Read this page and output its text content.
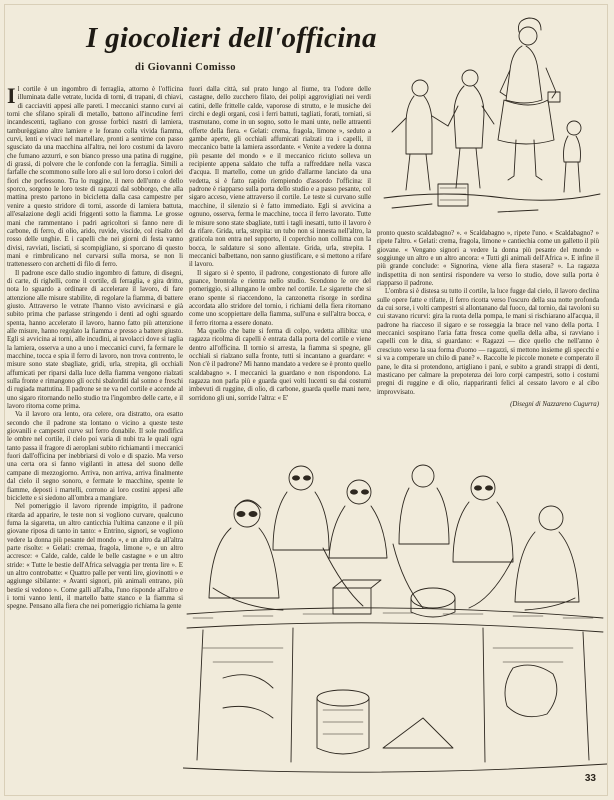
I giocolieri dell'officina
di Giovanni Comisso

Il cortile è un ingombro di ferraglia, attorno è l'officina illuminata dalle vetrate, lucida di torni, di trapani, di chiavi, di cacciaviti appesi alle pareti. I meccanici stanno curvi ai torni che sfilano spirali di metallo, battono all'incudine ferri incandescenti, tagliano con grosse forbici nastri di lamiera, tamburèggiano altre lamiere e le forano colla vivida fiamma, curvi, lenti e vivaci nel martellare, pronti a sentirne con passo sgusciato da una macchina all'altra, nei loro costumi da lavoro che fumano azzurri, e son bianco presso una patina di ruggine, di grassi, di polvere che le confonde con la ferraglia. Simili a farfalle che scommono sulle loro ali e sul loro dorso i colori dei fiori che porfessono. Tra lo ruggine, il nero dell'unto e dello sporco, sorgono le loro teste di ragazzi dal sobborgo, che alla mattina presto partono in bicicletta dalla casa campestre per venire a questo stridore di torni, assorde di lamiera battuta, all'esalazione degli acidi friggenti sotto la fiamma. Le grosse mani che rammentano i padri agricoltori si fanno nere di carbone, di ferro, di olio, arido, ruvide, viscide, col risalto del rosso delle unghie. E i capelli che nei giorni di festa vanno divisi, ravviati, lisciati, si scompigliano, si sporcano di questo mani e rimbrulicano nel curvarsi sulla morsa, se non li trattenessero con archetti di filo di ferro.

Il padrone esce dallo studio ingombro di fatture, di disegni, di carte, di righelli, come il cortile, di ferraglia, e gira dritto, nota lo sguardo a ordinare di accelerare il lavoro, di fare attenzione alle misure stabilite, di regolare la fiamma, di battere giusto. Attraverso le vetrate l'hanno visto avvicinarsi e già subito prima che parlasse stringendo i denti ad oghi sguardo spenta, hanno accelerato il lavoro, hanno fatto più attenzione alle misure, hanno regolato la fiamma e presso a battere giusto. Egli si avvicina ai torni, alle incudini, ai tavolacci dove si taglia la lamiera, osserva a uno a uno i meccanici curvi, fa fermare le macchine, tocca e spia il ferro di lavoro, non trova contrento, le misure sono state sbagliate, gridi, urla, strepita, gli occhiali affumicati per riparsi dalla luce della fiamma vengono rialzati sulla fronte e rimangono gli occhi sbalorditi dal sonno e freschi di rugiada mattutina. Il padrone se ne va nel cortile e accende al uno sigaro ritornando nello studio tra l'ingombro delle carte, e il lavoro ritorna come prima.

Va il lavoro ora lento, ora celere, ora distratto, ora esatto secondo che il padrone sta lontano o vicino a queste teste giovanili e campestri curve sul ferro donabile. Il sole modifica le ombre nel cortile, il cielo poi varia di nubi tra le quali ogni tanto passa il fragore di aeroplani subito richiamanti i meccanici fuori dall'officina per inebbriarsi di volo e di spazio. Ma verso una certa ora si fanno vigilanti in attesa del suono delle campane di mezzogiorno. Arriva, non arriva, arriva finalmente dal cielo il segno sonoro, e fermate le macchine, spente le fiamme, deposti i martelli, corrono ai loro costini appesi alle biciclette e si siedono all'ombra a mangiare.

Nel pomeriggio il lavoro riprende impigrito, il padrone ritarda ad apparire, le teste non si vogliono curvare, qualcuno fuma la sigaretta, un altro canticchia l'ultima canzone e il più giovane riposa di tanto in tanto: « Entrino, signori, se vogliono vedere la donna più pesante del mondo », e un altro da all'altra parte risolte: « Gelati: cremaa, fragola, limone », e un altro accresce: « Calde, calde, calde le belle castagne » e un altro stride: « Tutte le bestie dell'Africa selvaggia per trenta lire ». E un altro controbatte: « Quattro palle per venti lire, giovinotti » e aggiunge sibilante: « Avanti signori, più animali entrano, più bestie si vedono ». Come galli all'alba, l'uno risponde all'altro e i torni vanno lenti, il martello batte stanco e la fiamma si spegne. Pensano alla fiera che nei pomeriggio richiama la gente

fuori dalla città, sul prato lungo al fiume, tra l'odore delle castagne, dello zucchero filato, dei polipi aggrovigliati nei verdi catini, delle frittelle calde, vaporose di strutto, e le musiche dei circhi e degli organi, cosi i ferri battuti, tagliati, forati, torniati, si trasmutano, come in un sogno, sotto le mani unte, nelle attraenti offerte della fiera. « Gelati: crema, fragola, limone », seduto a gambe aperte, gli occhiali affumicati rialzati tra i capelli, il meccanico batte la lamiera assordante. « Venite a vedere la donna più pesante del mondo » e il meccanico riciuto solleva un recipiente appena saldato che tuffa a raffreddare nella vasca d'acqua. Il martello, come un grido d'allarme lanciato da una vedetta, si è fatto rapido riempiendo d'assordo l'officina: il padrone è riapparso sulla porta dello studio e a passo pesante, col sigaro acceso, viene attraverso il cortile. Le teste si curvano sulle macchine, il silenzio si è fatto immediato. Egli si avvicina a ognuno, osserva, ferma le macchine, tocca il ferro lavorato. Tutte le misure sono state sbagliate, tutti i tagli inesatti, tutto il lavoro è da rifare. Grida, urla, strepita: un tubo non si innesta nell'altro, la graticola non entra nel supporto, il coperchio non collima con la bocca, le saldature si sono allentate. Grida, urla, strepita. I meccanici balbettano, non sanno giustificare, e si mettono a rifare il lavoro.

Il sigaro si è spento, il padrone, congestionato di furore alle guance, brontola e rientra nello studio. Scendono le ore del pomeriggio, si allungano le ombre nel cortile. Le sigarette che si erano spente si riaccendono, la canzonetta risorge in sordina accordata allo stridore del tornio, i richiami della fiera ritornano come uno scoppiettare della fiamma, sull'una e sull'altra bocca, e il ferro ritorna a essere donato.

Ma quello che batte si ferma di colpo, vedetta allibita: una ragazza ricolma di capelli è entrata dalla porta del cortile e viene dentro all'officina. Il tornio si arresta, la fiamma si spegne, gli occhiali si rialzano sulla fronte, tutti si incantano a guardare: « Non c'è il padrone? Mi hanno mandato a vedere se è pronto quello scaldabagno ». I meccanici la guardano e non rispondono. La ragazza non parla più e guarda quei volti lucenti su dai costumi imbevuti di ruggine, di olio, di carbone, guarda quelle mani nere, sorridono gli uni, sorride l'altra: « E'

pronto questo scaldabagno? ». « Scaldabagno », ripete l'uno. « Scaldabagno? » ripete l'altro. « Gelati: crema, fragola, limone » cantiechia come un galletto il più giovane. « Vengano signori a vedere la donna più pesante del mondo » soggiunge un altro e un altro ancora: « Tutti gli animali dell'Africa ». E infine il più grande conclude: « Signorina, viene alla fiera stasera? ». La ragazza indispettita di non sentirsi rispondere va verso lo studio, dove sulla porta è riapparso il padrone.

L'ombra si è distesa su tutto il cortile, la luce fugge dal cielo, il lavoro declina sulle opere fatte e rifatte, il ferro ricotta verso l'oscuro della sua notte profonda da cui sorse, i volti campestri si allontanano dal fuoco, dal tornio, dai tavoloni su cui stavano ricurvi: gira la ruota della pompa, le mani si rischiarano all'acqua, il padrone ha riacceso il sigaro e se rosseggia la brace nel vano della porta. I meccanici sospirano l'aria fatta fresca come quella della alba, si ravviano i capelli con le dita, si guardano: « Ragazzi — dice quello che nell'anno è cresciuto verso la sua forma d'uomo — ragazzi, si mettono insieme gli specchi e si va a comperare un chilo di pane? ». Raccolte le piccole monete e comperato il pane, le dita si protendono, artigliano i pani, e subito a grandi strappi di denti, masticano per calmare la prepotenza dei loro corpi campestri, sotto i costumi pregni di ruggine e di olio, riappariranti felici al cessato lavoro e al cibo improvvisato.

(Disegni di Nazzareno Cugurra)
33
